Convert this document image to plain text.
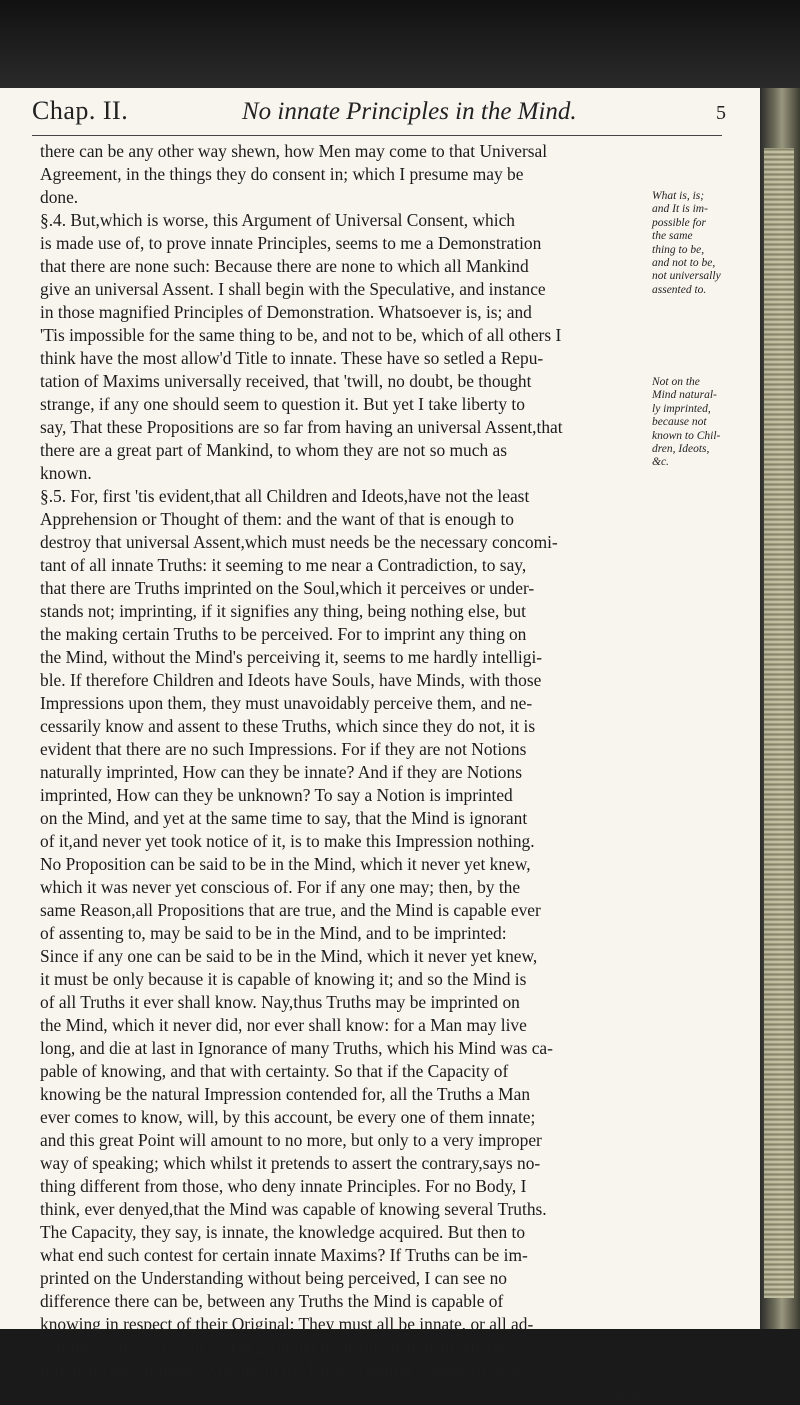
Chap. II.	No innate Principles in the Mind.	5
there can be any other way shewn, how Men may come to that Universal
Agreement, in the things they do consent in; which I presume may be
done.
§.4. But,which is worse, this Argument of Universal Consent, which
is made use of, to prove innate Principles, seems to me a Demonstration
that there are none such: Because there are none to which all Mankind
give an universal Assent. I shall begin with the Speculative, and instance
in those magnified Principles of Demonstration. Whatsoever is, is; and
'Tis impossible for the same thing to be, and not to be, which of all others I
think have the most allow'd Title to innate. These have so setled a Repu-
tation of Maxims universally received, that 'twill, no doubt, be thought
strange, if any one should seem to question it. But yet I take liberty to
say, That these Propositions are so far from having an universal Assent,that
there are a great part of Mankind, to whom they are not so much as
known.
§.5. For, first 'tis evident,that all Children and Ideots,have not the least
Apprehension or Thought of them: and the want of that is enough to
destroy that universal Assent,which must needs be the necessary concomi-
tant of all innate Truths: it seeming to me near a Contradiction, to say,
that there are Truths imprinted on the Soul,which it perceives or under-
stands not; imprinting, if it signifies any thing, being nothing else, but
the making certain Truths to be perceived. For to imprint any thing on
the Mind, without the Mind's perceiving it, seems to me hardly intelligi-
ble. If therefore Children and Ideots have Souls, have Minds, with those
Impressions upon them, they must unavoidably perceive them, and ne-
cessarily know and assent to these Truths, which since they do not, it is
evident that there are no such Impressions. For if they are not Notions
naturally imprinted, How can they be innate? And if they are Notions
imprinted, How can they be unknown? To say a Notion is imprinted
on the Mind, and yet at the same time to say, that the Mind is ignorant
of it,and never yet took notice of it, is to make this Impression nothing.
No Proposition can be said to be in the Mind, which it never yet knew,
which it was never yet conscious of. For if any one may; then, by the
same Reason,all Propositions that are true, and the Mind is capable ever
of assenting to, may be said to be in the Mind, and to be imprinted:
Since if any one can be said to be in the Mind, which it never yet knew,
it must be only because it is capable of knowing it; and so the Mind is
of all Truths it ever shall know. Nay,thus Truths may be imprinted on
the Mind, which it never did, nor ever shall know: for a Man may live
long, and die at last in Ignorance of many Truths, which his Mind was ca-
pable of knowing, and that with certainty. So that if the Capacity of
knowing be the natural Impression contended for, all the Truths a Man
ever comes to know, will, by this account, be every one of them innate;
and this great Point will amount to no more, but only to a very improper
way of speaking; which whilst it pretends to assert the contrary,says no-
thing different from those, who deny innate Principles. For no Body, I
think, ever denyed,that the Mind was capable of knowing several Truths.
The Capacity, they say, is innate, the knowledge acquired. But then to
what end such contest for certain innate Maxims? If Truths can be im-
printed on the Understanding without being perceived, I can see no
difference there can be, between any Truths the Mind is capable of
knowing in respect of their Original: They must all be innate, or all ad-
ventitious: In vain shall a Man go about to distinguish them. He there-
fore that talks of innate Notions in the Understanding, cannot (if he in-
tend
What is, is;
and It is im-
possible for
the same
thing to be,
and not to be,
not universally
assented to.
Not on the
Mind natural-
ly imprinted,
because not
known to Chil-
dren, Ideots,
&c.
